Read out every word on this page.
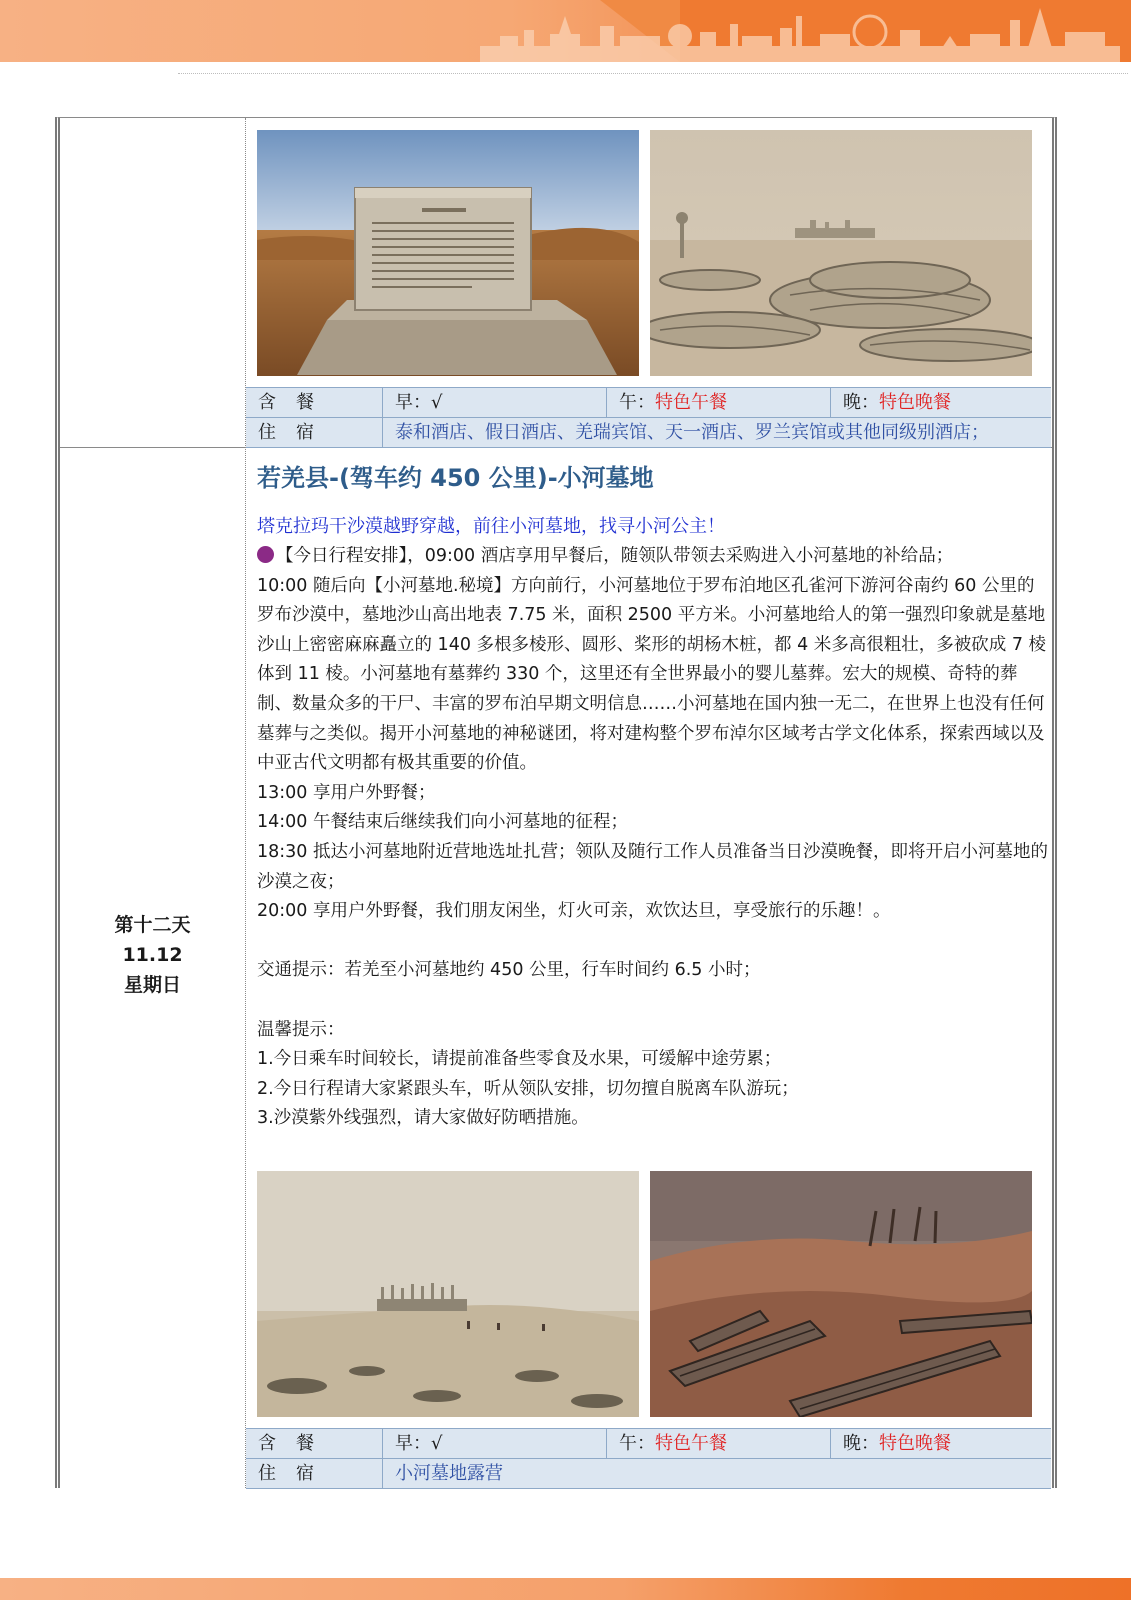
含餐	早：√	午：特色午餐	晚：特色晚餐
住宿	泰和酒店、假日酒店、羌瑞宾馆、天一酒店、罗兰宾馆或其他同级别酒店；
第十二天
11.12
星期日
若羌县-(驾车约 450 公里)-小河墓地
塔克拉玛干沙漠越野穿越，前往小河墓地，找寻小河公主！

【今日行程安排】，09:00 酒店享用早餐后，随领队带领去采购进入小河墓地的补给品；

10:00 随后向【小河墓地.秘境】方向前行，小河墓地位于罗布泊地区孔雀河下游河谷南约 60 公里的罗布沙漠中，墓地沙山高出地表 7.75 米，面积 2500 平方米。小河墓地给人的第一强烈印象就是墓地沙山上密密麻麻矗立的 140 多根多棱形、圆形、桨形的胡杨木桩，都 4 米多高很粗壮，多被砍成 7 棱体到 11 棱。小河墓地有墓葬约 330 个，这里还有全世界最小的婴儿墓葬。宏大的规模、奇特的葬制、数量众多的干尸、丰富的罗布泊早期文明信息……小河墓地在国内独一无二，在世界上也没有任何墓葬与之类似。揭开小河墓地的神秘谜团，将对建构整个罗布淖尔区域考古学文化体系，探索西域以及中亚古代文明都有极其重要的价值。

13:00 享用户外野餐；

14:00 午餐结束后继续我们向小河墓地的征程；

18:30 抵达小河墓地附近营地选址扎营；领队及随行工作人员准备当日沙漠晚餐，即将开启小河墓地的沙漠之夜；

20:00 享用户外野餐，我们朋友闲坐，灯火可亲，欢饮达旦，享受旅行的乐趣！。

交通提示：若羌至小河墓地约 450 公里，行车时间约 6.5 小时；

温馨提示：

1.今日乘车时间较长，请提前准备些零食及水果，可缓解中途劳累；

2.今日行程请大家紧跟头车，听从领队安排，切勿擅自脱离车队游玩；

3.沙漠紫外线强烈，请大家做好防晒措施。

含餐	早：√	午：特色午餐	晚：特色晚餐
住宿	小河墓地露营
